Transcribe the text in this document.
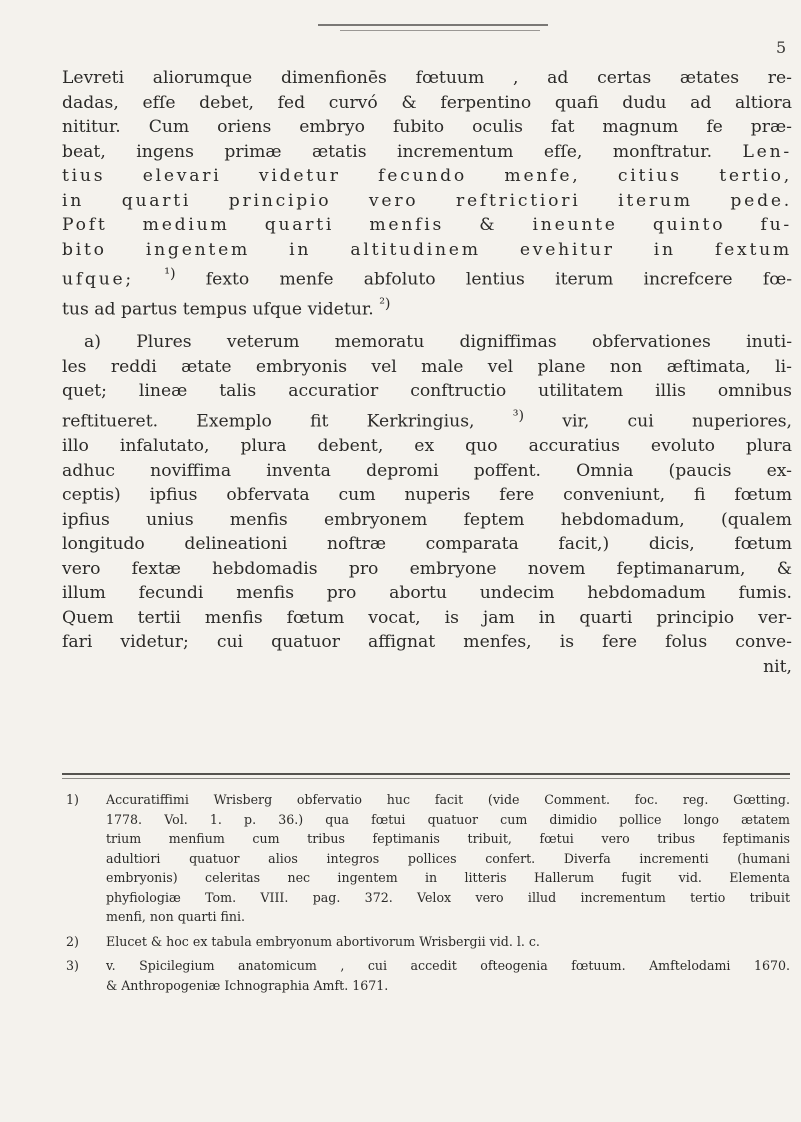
5
Levreti aliorumque dimenfionēs fœtuum , ad certas ætates re-
dadas, efſe debet, fed curvó & ferpentino quafi dudu ad altiora
nititur. Cum oriens embryo fubito oculis fat magnum fe præ-
beat, ingens primæ ætatis incrementum efſe, monftratur. Len-
tius elevari videtur fecundo menfe, citius tertio,
in quarti principio vero reftrictiori iterum pede.
Poft medium quarti menfis & ineunte quinto fu-
bito ingentem in altitudinem evehitur in fextum
ufque; $^{^1)}$ fexto menfe abfoluto lentius iterum increfcere fœ-
tus ad partus tempus ufque videtur. $^{^2)}$
a) Plures veterum memoratu digniffimas obfervationes inuti-
les reddi ætate embryonis vel male vel plane non æftimata, li-
quet; lineæ talis accuratior conftructio utilitatem illis omnibus
reftitueret. Exemplo fit Kerkringius,	$^{^3)}$ vir, cui nuperiores,
illo infalutato, plura debent, ex quo accuratius evoluto plura
adhuc noviffima inventa depromi poffent. Omnia (paucis ex-
ceptis) ipfius obfervata cum nuperis fere conveniunt, fi fœtum
ipfius unius menfis embryonem feptem hebdomadum, (qualem
longitudo delineationi noftræ comparata facit,) dicis, fœtum
vero fextæ hebdomadis pro embryone novem feptimanarum, &
illum fecundi menfis pro abortu undecim hebdomadum fumis.
Quem tertii menfis fœtum vocat, is jam in quarti principio ver-
fari videtur; cui quatuor affignat menfes, is fere folus conve-
nit,
1) Accuratiffimi Wrisberg obfervatio huc facit (vide Comment. foc. reg. Gœtting.
1778. Vol. 1. p. 36.) qua fœtui quatuor cum dimidio pollice longo ætatem
trium menfium cum tribus feptimanis tribuit, fœtui vero tribus feptimanis
adultiori quatuor alios integros pollices confert. Diverfa incrementi (humani
embryonis) celeritas nec ingentem in litteris Hallerum fugit vid. Elementa
phyfiologiæ Tom. VIII. pag. 372. Velox vero illud incrementum tertio tribuit
menfi, non quarti fini.
2) Elucet & hoc ex tabula embryonum abortivorum Wrisbergii vid. l. c.
3) v. Spicilegium anatomicum , cui accedit ofteogenia fœtuum. Amftelodami 1670.
& Anthropogeniæ Ichnographia Amft. 1671.
